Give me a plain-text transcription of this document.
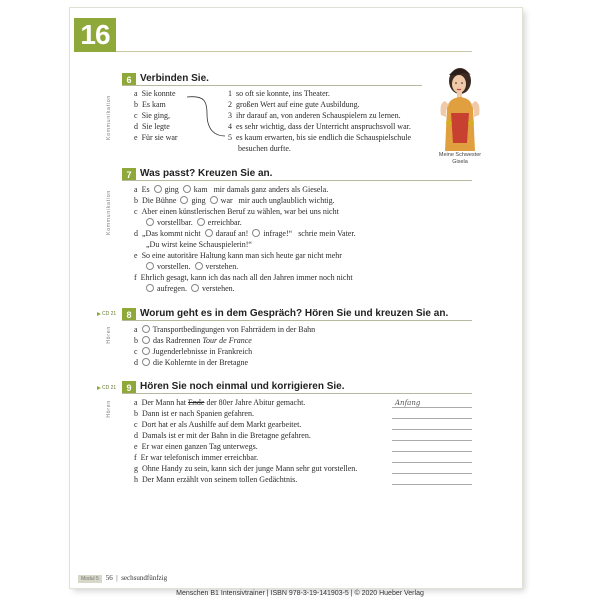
16
6 Verbinden Sie.
Kommunikation
a Sie konnte
b Es kam
c Sie ging,
d Sie legte
e Für sie war
1 so oft sie konnte, ins Theater.
2 großen Wert auf eine gute Ausbildung.
3 ihr darauf an, von anderen Schauspielern zu lernen.
4 es sehr wichtig, dass der Unterricht anspruchsvoll war.
5 es kaum erwarten, bis sie endlich die Schauspielschule
besuchen durfte.
Meine Schwester
Gisela
7 Was passt? Kreuzen Sie an.
Kommunikation
a Es ging kam mir damals ganz anders als Giesela.
b Die Bühne ging war mir auch unglaublich wichtig.
c Aber einen künstlerischen Beruf zu wählen, war bei uns nicht
vorstellbar. erreichbar.
d „Das kommt nicht darauf an! infrage!“ schrie mein Vater.
„Du wirst keine Schauspielerin!“
e So eine autoritäre Haltung kann man sich heute gar nicht mehr
vorstellen. verstehen.
f Ehrlich gesagt, kann ich das nach all den Jahren immer noch nicht
aufregen. verstehen.
CD 21	8 Worum geht es in dem Gespräch? Hören Sie und kreuzen Sie an.
Hören	a Transportbedingungen von Fahrrädern in der Bahn
b das Radrennen Tour de France
c Jugenderlebnisse in Frankreich
d die Kohlernte in der Bretagne
CD 21	9 Hören Sie noch einmal und korrigieren Sie.
Hören	a Der Mann hat Ende der 80er Jahre Abitur gemacht.
b Dann ist er nach Spanien gefahren.
c Dort hat er als Aushilfe auf dem Markt gearbeitet.
d Damals ist er mit der Bahn in die Bretagne gefahren.
e Er war einen ganzen Tag unterwegs.
f Er war telefonisch immer erreichbar.
g Ohne Handy zu sein, kann sich der junge Mann sehr gut vorstellen.
h Der Mann erzählt von seinem tollen Gedächtnis.
Anfang
Modul 5 56  |  sechsundfünfzig
Menschen B1 Intensivtrainer | ISBN 978-3-19-141903-5 | © 2020 Hueber Verlag
